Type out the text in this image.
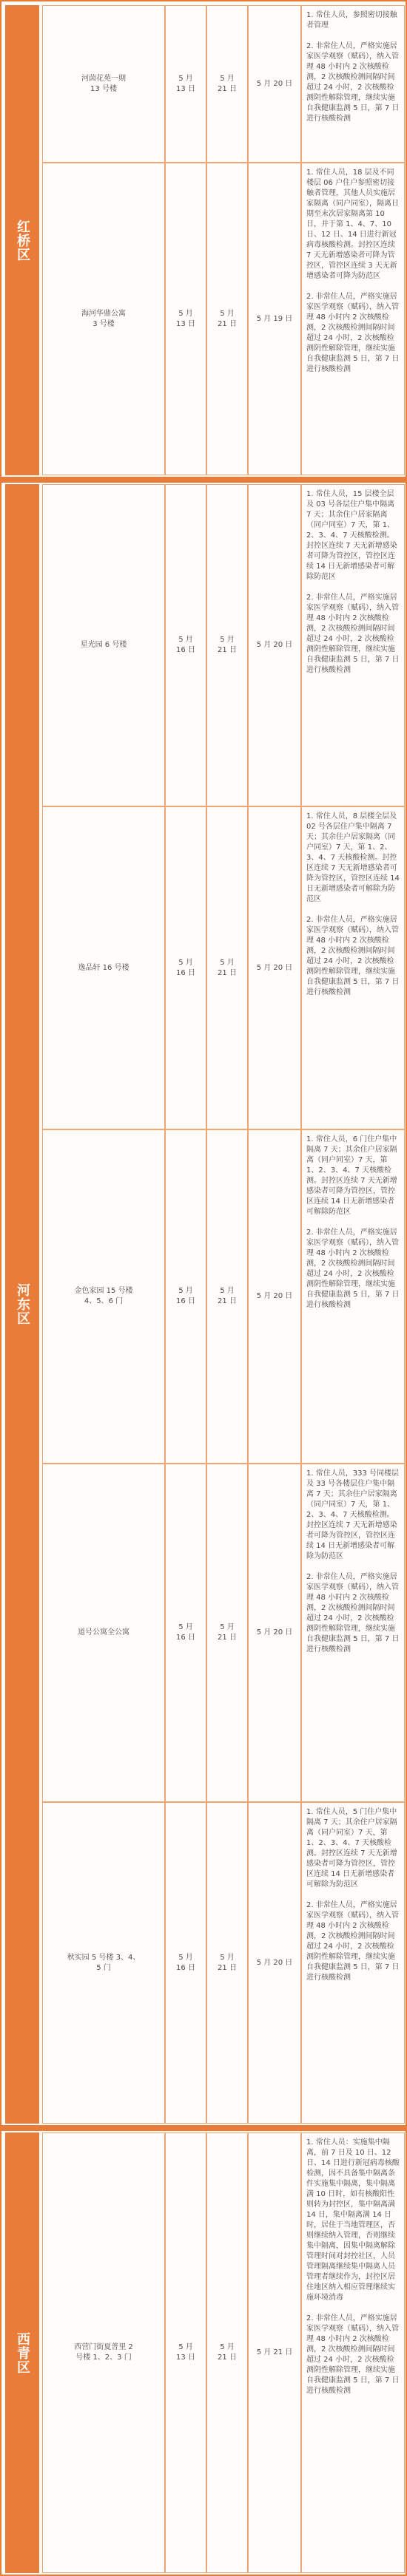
红桥区
河茵花苑一期
13 号楼
5 月
13 日
5 月
21 日
5 月 20 日

1. 常住人员，参照密切接触者管理

2. 非常住人员，严格实施居家医学观察（赋码），纳入管理 48 小时内 2 次核酸检测，2 次核酸检测间隔时间超过 24 小时，2 次核酸检测阴性解除管理，继续实施自我健康监测 5 日，第 7 日进行核酸检测

海河华鼎公寓
3 号楼
5 月
13 日
5 月
21 日
5 月 19 日

1. 常住人员，18 层及不同楼层 06 户住户参照密切接触者管理，其他人员实施居家隔离（同户同室），隔离日期至末次居家隔离第 10 日，并于第 1、4、7、10 日、12 日、14 日进行新冠病毒核酸检测。封控区连续 7 天无新增感染者可降为管控区，管控区连续 3 天无新增感染者可降为防范区

2. 非常住人员，严格实施居家医学观察（赋码），纳入管理 48 小时内 2 次核酸检测，2 次核酸检测间隔时间超过 24 小时，2 次核酸检测阴性解除管理，继续实施自我健康监测 5 日，第 7 日进行核酸检测

河东区
星光园 6 号楼
5 月
16 日
5 月
21 日
5 月 20 日

1. 常住人员，15 层楼全层及 03 号各层住户集中隔离 7 天；其余住户居家隔离（同户同室）7 天，第 1、2、3、4、7 天核酸检测。封控区连续 7 天无新增感染者可降为管控区，管控区连续 14 日无新增感染者可解除防范区

2. 非常住人员，严格实施居家医学观察（赋码），纳入管理 48 小时内 2 次核酸检测，2 次核酸检测间隔时间超过 24 小时，2 次核酸检测阴性解除管理，继续实施自我健康监测 5 日，第 7 日进行核酸检测

逸品轩 16 号楼
5 月
16 日
5 月
21 日
5 月 20 日

1. 常住人员，8 层楼全层及 02 号各层住户集中隔离 7 天；其余住户居家隔离（同户同室）7 天，第 1、2、3、4、7 天核酸检测。封控区连续 7 天无新增感染者可降为管控区，管控区连续 14 日无新增感染者可解除为防范区

2. 非常住人员，严格实施居家医学观察（赋码），纳入管理 48 小时内 2 次核酸检测，2 次核酸检测间隔时间超过 24 小时，2 次核酸检测阴性解除管理，继续实施自我健康监测 5 日，第 7 日进行核酸检测

金色家园 15 号楼
4、5、6 门
5 月
16 日
5 月
21 日
5 月 20 日

1. 常住人员，6 门住户集中隔离 7 天；其余住户居家隔离（同户同室）7 天，第 1、2、3、4、7 天核酸检测。封控区连续 7 天无新增感染者可降为管控区，管控区连续 14 日无新增感染者可解除防范区

2. 非常住人员，严格实施居家医学观察（赋码），纳入管理 48 小时内 2 次核酸检测，2 次核酸检测间隔时间超过 24 小时，2 次核酸检测阴性解除管理，继续实施自我健康监测 5 日，第 7 日进行核酸检测

道号公寓全公寓
5 月
16 日
5 月
21 日
5 月 20 日

1. 常住人员，333 号同楼层及 33 号各楼层住户集中隔离 7 天；其余住户居家隔离（同户同室）7 天，第 1、2、3、4、7 天核酸检测。封控区连续 7 天无新增感染者可降为管控区，管控区连续 14 日无新增感染者可解除为防范区

2. 非常住人员，严格实施居家医学观察（赋码），纳入管理 48 小时内 2 次核酸检测，2 次核酸检测间隔时间超过 24 小时，2 次核酸检测阴性解除管理，继续实施自我健康监测 5 日，第 7 日进行核酸检测

秋实园 5 号楼 3、4、
5 门
5 月
16 日
5 月
21 日
5 月 20 日

1. 常住人员，5 门住户集中隔离 7 天；其余住户居家隔离（同户同室）7 天，第 1、2、3、4、7 天核酸检测。封控区连续 7 天无新增感染者可降为管控区，管控区连续 14 日无新增感染者可解除为防范区

2. 非常住人员，严格实施居家医学观察（赋码），纳入管理 48 小时内 2 次核酸检测，2 次核酸检测间隔时间超过 24 小时，2 次核酸检测阴性解除管理，继续实施自我健康监测 5 日，第 7 日进行核酸检测

西青区	西营门街夏普里 2
号楼 1、2、3 门
5 月
13 日
5 月
21 日
5 月 21 日

1. 常住人员：实施集中隔离，前 7 日及 10 日、12 日、14 日进行新冠病毒核酸检测，因不具备集中隔离条件实施集中隔离，集中隔离满 10 日时，如有核酸阳性则转为封控区，集中隔离满 14 日，集中隔离满 14 日时，居住于当地管理区，否则继续纳入管理，否则继续集中隔离，因集中隔离解除管理时间对封控社区，人员管理隔离继续集中隔离人员管理者继续作为，封控区居住地区纳入相应管理继续实施环境消毒

2. 非常住人员，严格实施居家医学观察（赋码），纳入管理 48 小时内 2 次核酸检测，2 次核酸检测间隔时间超过 24 小时，2 次核酸检测阴性解除管理，继续实施自我健康监测 5 日，第 7 日进行核酸检测
